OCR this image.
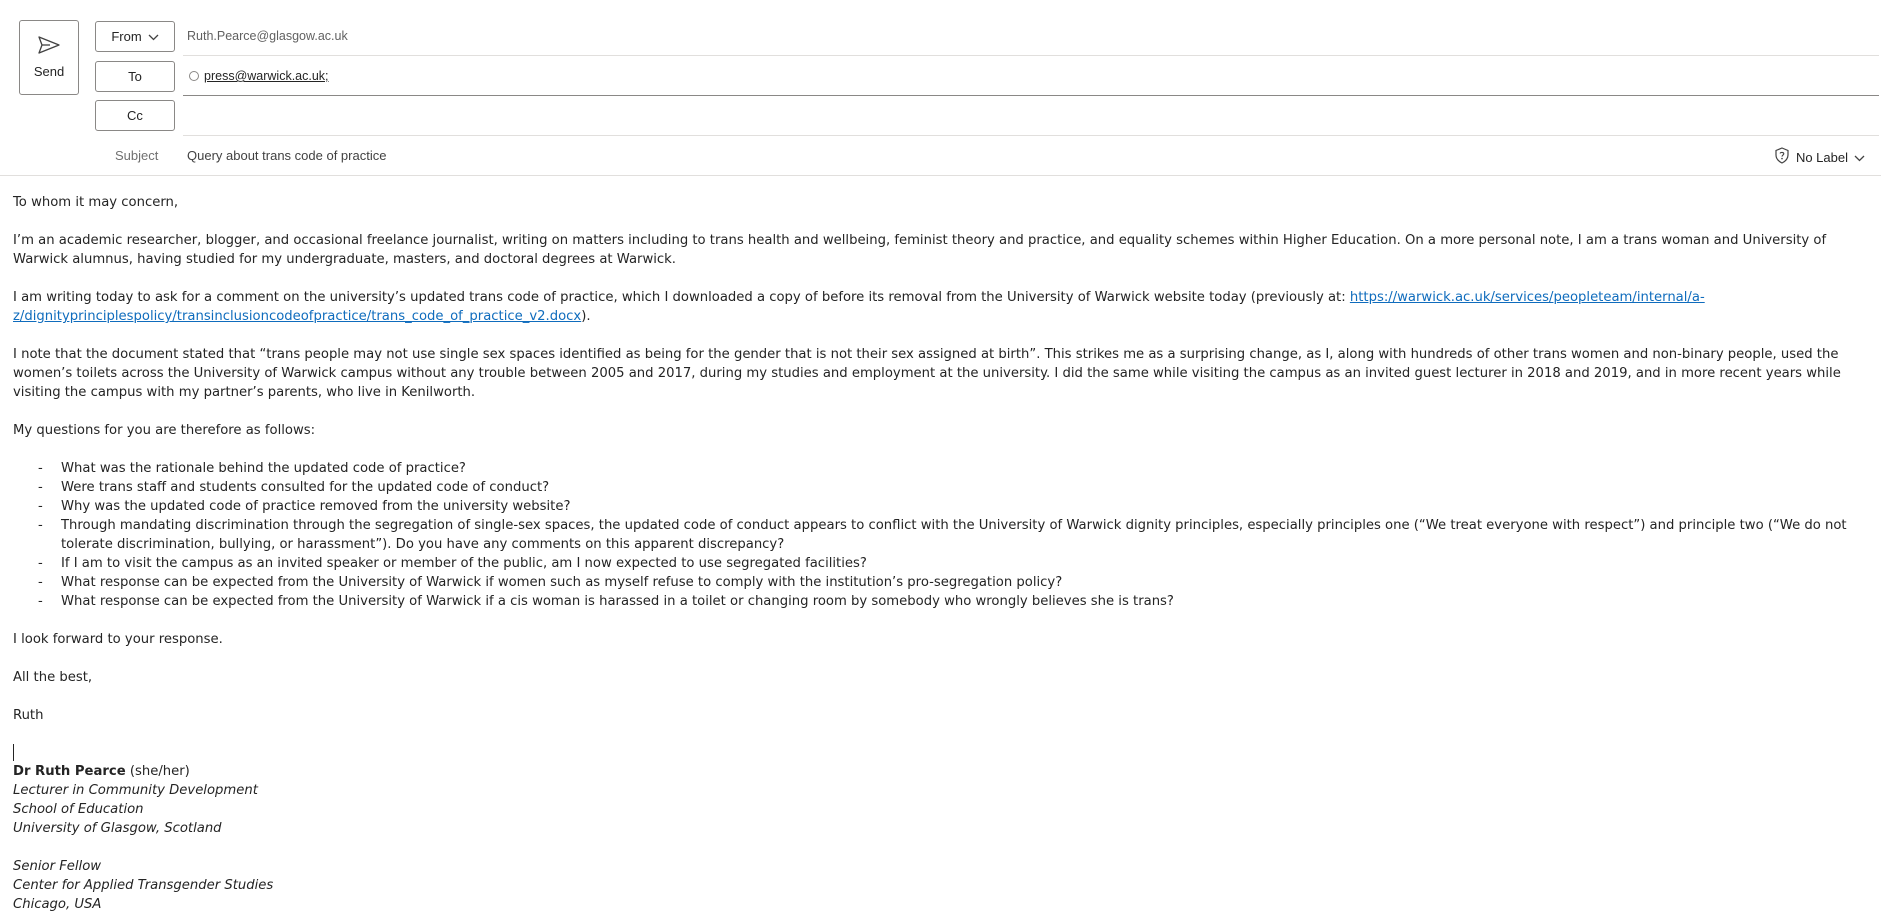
Send
From	Ruth.Pearce@glasgow.ac.uk
To	press@warwick.ac.uk;
Cc
Subject Query about trans code of practice	No Label

To whom it may concern,

I’m an academic researcher, blogger, and occasional freelance journalist, writing on matters including to trans health and wellbeing, feminist theory and practice, and equality schemes within Higher Education. On a more personal note, I am a trans woman and University of Warwick alumnus, having studied for my undergraduate, masters, and doctoral degrees at Warwick.

I am writing today to ask for a comment on the university’s updated trans code of practice, which I downloaded a copy of before its removal from the University of Warwick website today (previously at: https://warwick.ac.uk/services/peopleteam/internal/a-z/dignityprinciplespolicy/transinclusioncodeofpractice/trans_code_of_practice_v2.docx).

I note that the document stated that “trans people may not use single sex spaces identified as being for the gender that is not their sex assigned at birth”. This strikes me as a surprising change, as I, along with hundreds of other trans women and non-binary people, used the women’s toilets across the University of Warwick campus without any trouble between 2005 and 2017, during my studies and employment at the university. I did the same while visiting the campus as an invited guest lecturer in 2018 and 2019, and in more recent years while visiting the campus with my partner’s parents, who live in Kenilworth.

My questions for you are therefore as follows:

- What was the rationale behind the updated code of practice?
- Were trans staff and students consulted for the updated code of conduct?
- Why was the updated code of practice removed from the university website?
- Through mandating discrimination through the segregation of single-sex spaces, the updated code of conduct appears to conflict with the University of Warwick dignity principles, especially principles one (“We treat everyone with respect”) and principle two (“We do not tolerate discrimination, bullying, or harassment”). Do you have any comments on this apparent discrepancy?
- If I am to visit the campus as an invited speaker or member of the public, am I now expected to use segregated facilities?
- What response can be expected from the University of Warwick if women such as myself refuse to comply with the institution’s pro-segregation policy?
- What response can be expected from the University of Warwick if a cis woman is harassed in a toilet or changing room by somebody who wrongly believes she is trans?

I look forward to your response.

All the best,

Ruth

Dr Ruth Pearce (she/her)
Lecturer in Community Development
School of Education
University of Glasgow, Scotland
Senior Fellow
Center for Applied Transgender Studies
Chicago, USA
